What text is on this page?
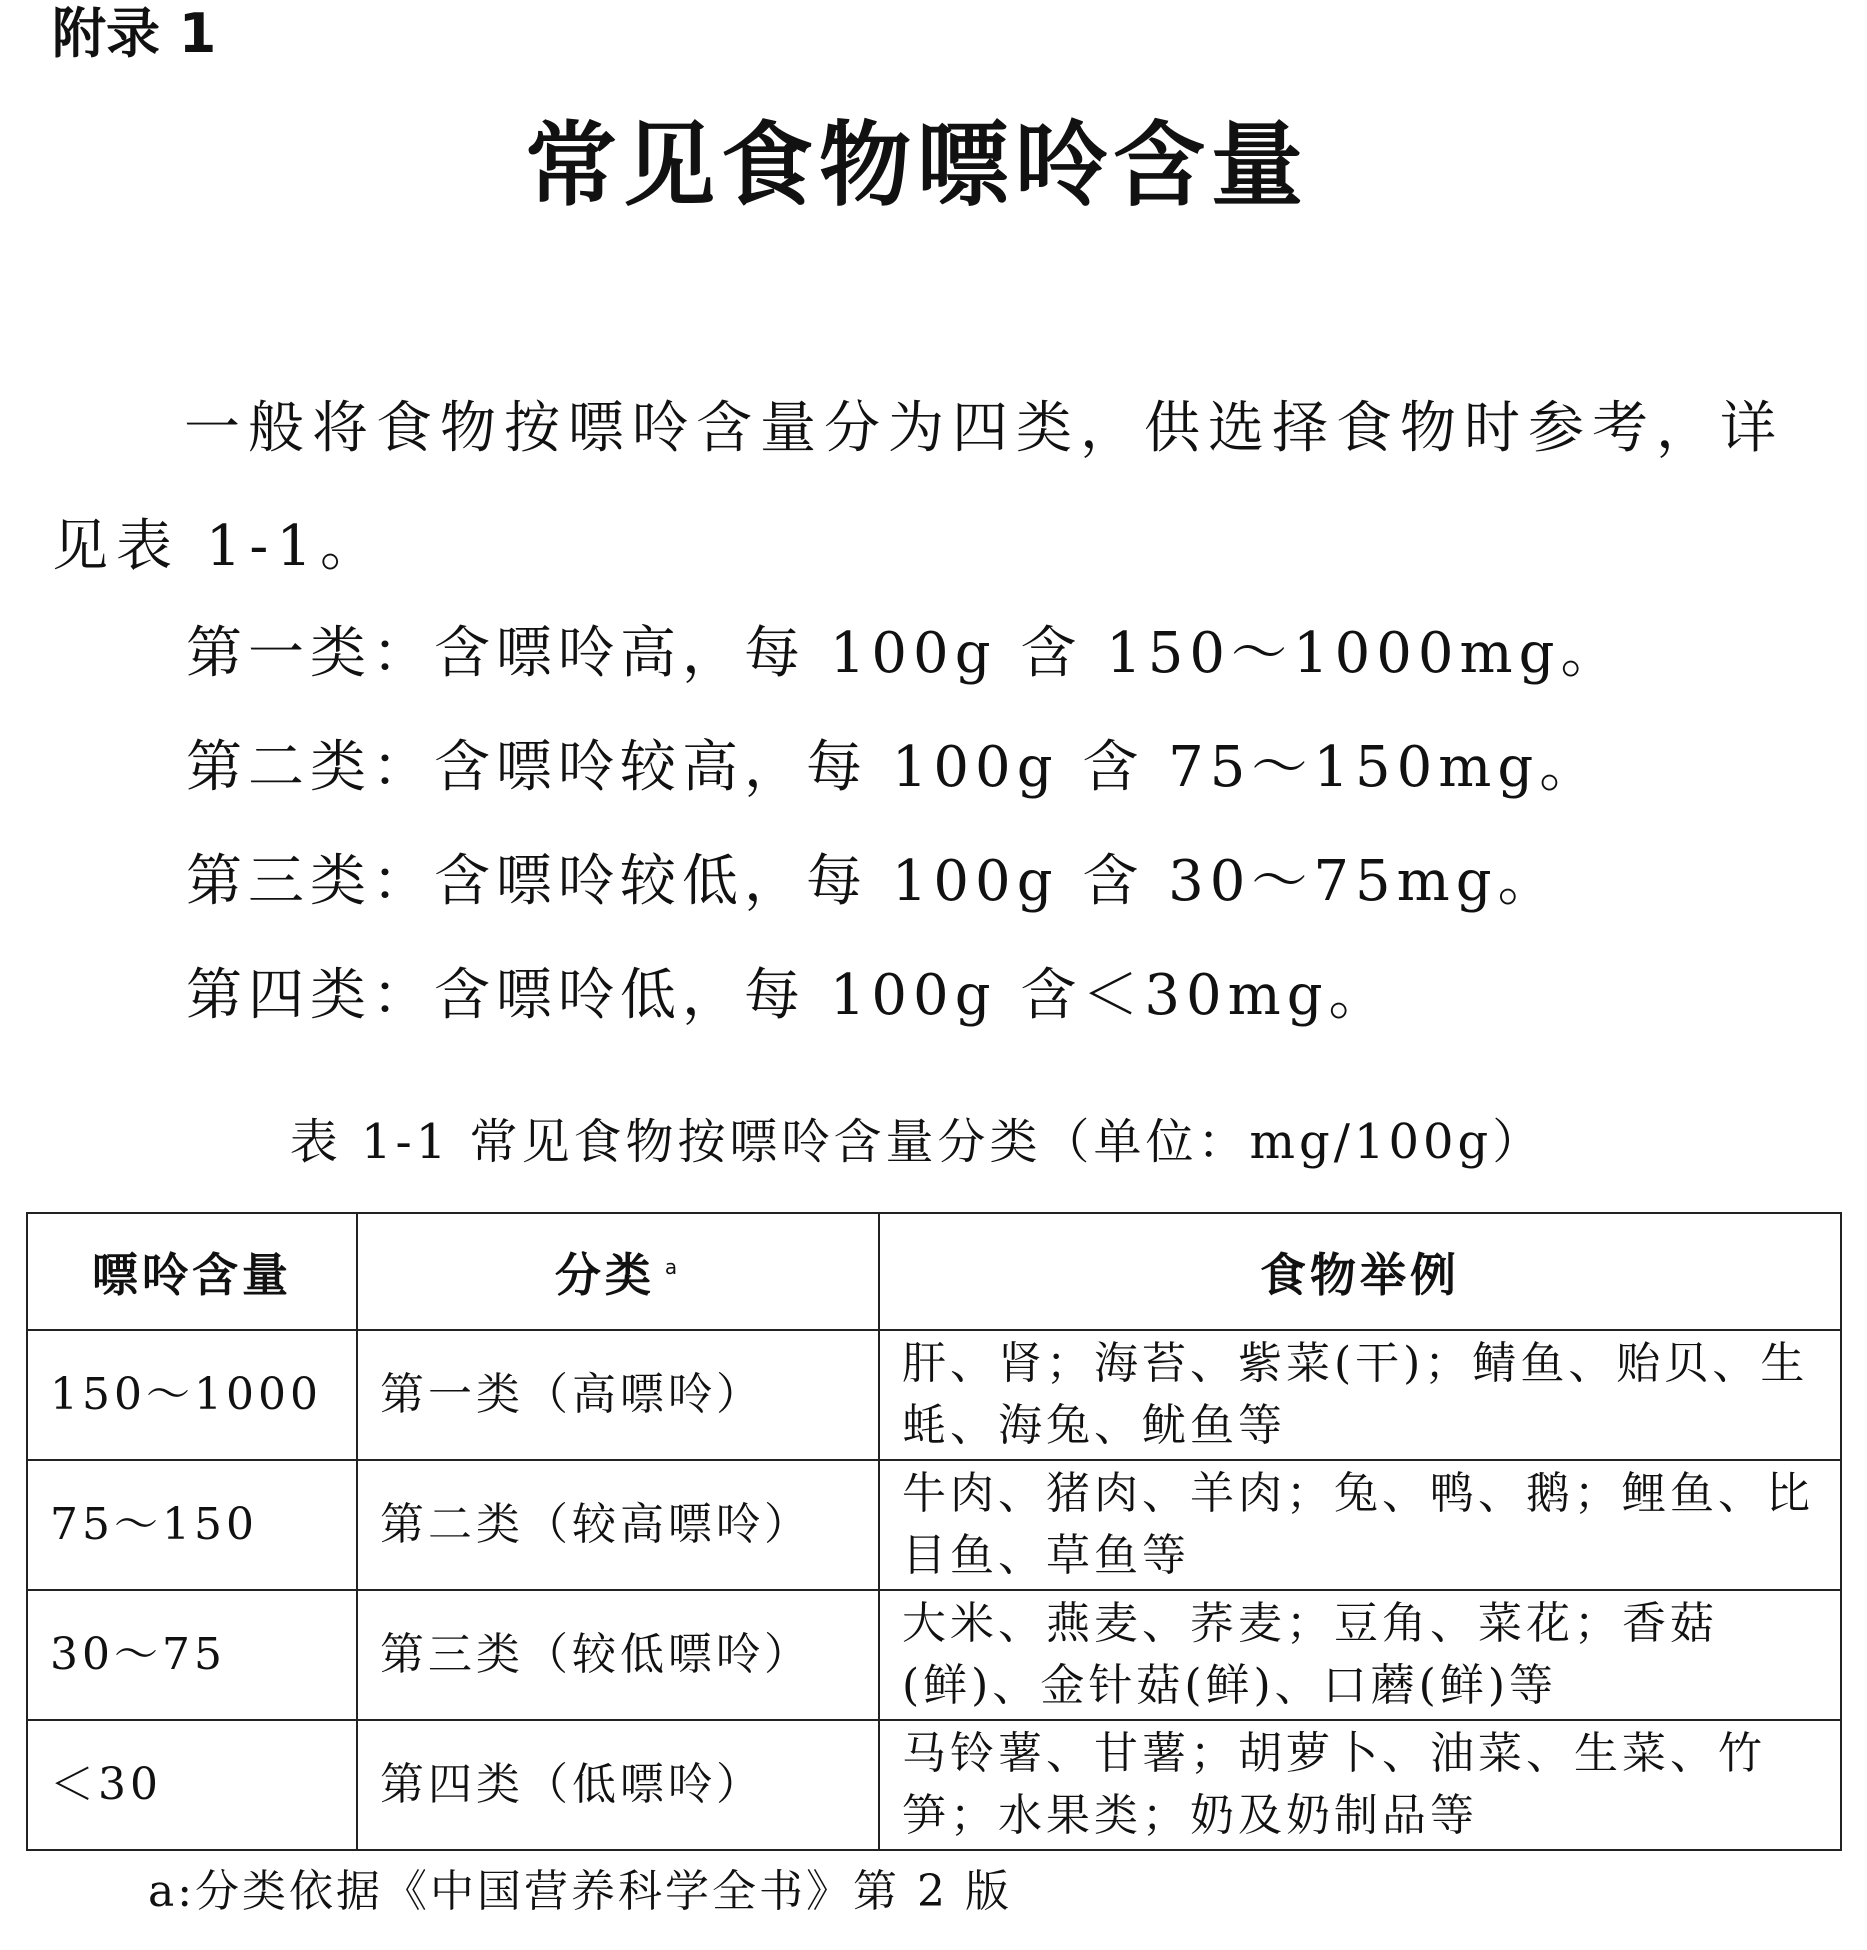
附录 1
常见食物嘌呤含量

一般将食物按嘌呤含量分为四类，供选择食物时参考，详见表 1-1。

第一类：含嘌呤高，每 100g 含 150～1000mg。
第二类：含嘌呤较高，每 100g 含 75～150mg。
第三类：含嘌呤较低，每 100g 含 30～75mg。
第四类：含嘌呤低，每 100g 含＜30mg。
表 1-1 常见食物按嘌呤含量分类（单位：mg/100g）
嘌呤含量	分类 $^a$	食物举例
150～1000	第一类（高嘌呤）	肝、肾；海苔、紫菜(干)；鲭鱼、贻贝、生蚝、海兔、鱿鱼等
75～150	第二类（较高嘌呤）	牛肉、猪肉、羊肉；兔、鸭、鹅；鲤鱼、比目鱼、草鱼等
30～75	第三类（较低嘌呤）	大米、燕麦、荞麦；豆角、菜花；香菇(鲜)、金针菇(鲜)、口蘑(鲜)等
＜30	第四类（低嘌呤）	马铃薯、甘薯；胡萝卜、油菜、生菜、竹笋；水果类；奶及奶制品等
a:分类依据《中国营养科学全书》第 2 版
